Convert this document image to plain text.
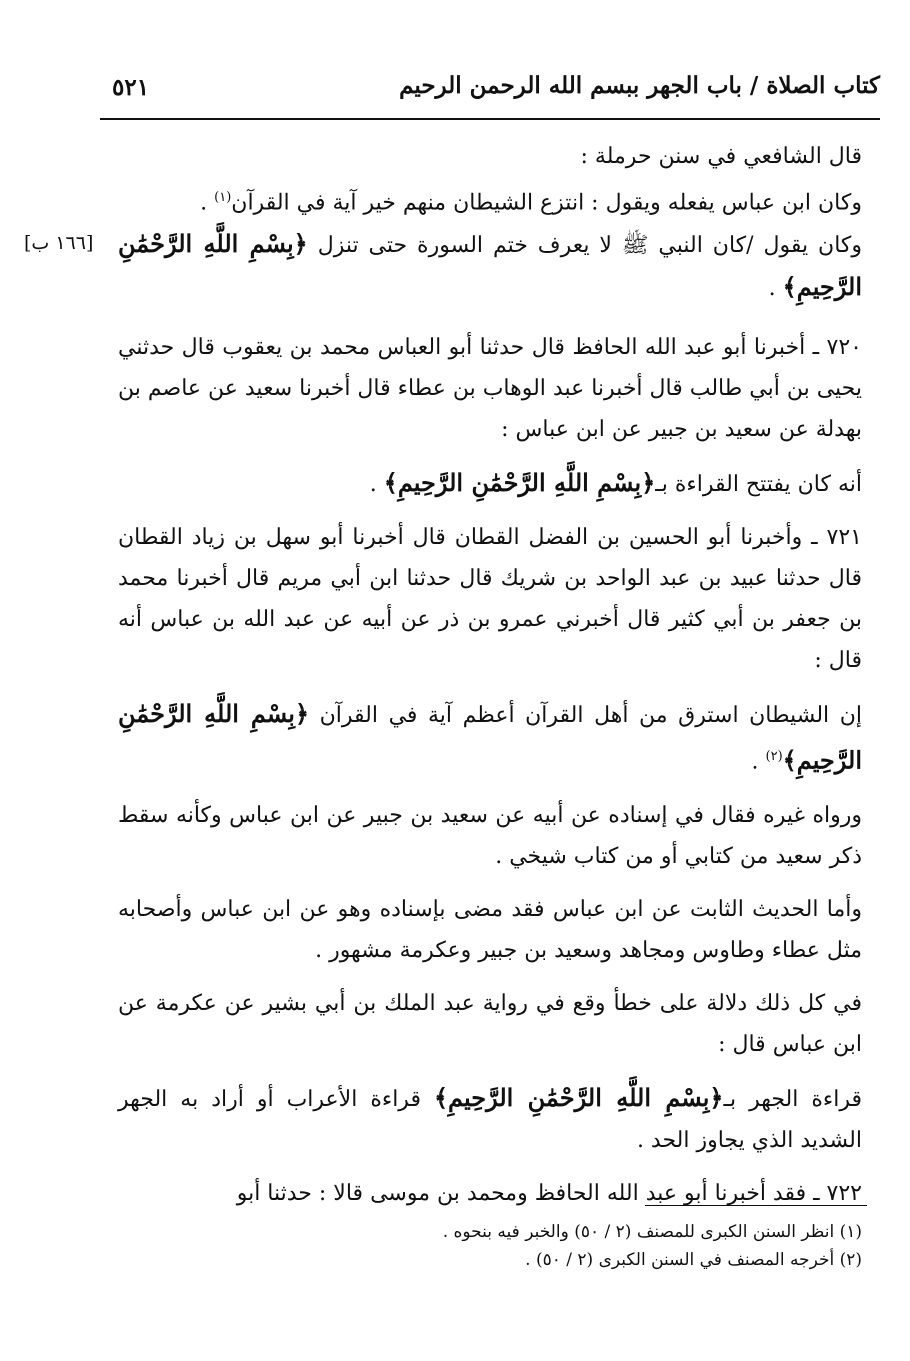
كتاب الصلاة / باب الجهر ببسم الله الرحمن الرحيم
٥٢١

قال الشافعي في سنن حرملة :

وكان ابن عباس يفعله ويقول : انتزع الشيطان منهم خير آية في القرآن$^{(١)}$ .

[١٦٦ ب]	وكان يقول /كان النبي ﷺ لا يعرف ختم السورة حتى تنزل ﴿بِسْمِ اللَّهِ الرَّحْمَٰنِ الرَّحِيمِ﴾ .

٧٢٠ ـ أخبرنا أبو عبد الله الحافظ قال حدثنا أبو العباس محمد بن يعقوب قال حدثني يحيى بن أبي طالب قال أخبرنا عبد الوهاب بن عطاء قال أخبرنا سعيد عن عاصم بن بهدلة عن سعيد بن جبير عن ابن عباس :

أنه كان يفتتح القراءة بـ﴿بِسْمِ اللَّهِ الرَّحْمَٰنِ الرَّحِيمِ﴾ .

٧٢١ ـ وأخبرنا أبو الحسين بن الفضل القطان قال أخبرنا أبو سهل بن زياد القطان قال حدثنا عبيد بن عبد الواحد بن شريك قال حدثنا ابن أبي مريم قال أخبرنا محمد بن جعفر بن أبي كثير قال أخبرني عمرو بن ذر عن أبيه عن عبد الله بن عباس أنه قال :

إن الشيطان استرق من أهل القرآن أعظم آية في القرآن ﴿بِسْمِ اللَّهِ الرَّحْمَٰنِ الرَّحِيمِ﴾$^{(٢)}$ .

ورواه غيره فقال في إسناده عن أبيه عن سعيد بن جبير عن ابن عباس وكأنه سقط ذكر سعيد من كتابي أو من كتاب شيخي .

وأما الحديث الثابت عن ابن عباس فقد مضى بإسناده وهو عن ابن عباس وأصحابه مثل عطاء وطاوس ومجاهد وسعيد بن جبير وعكرمة مشهور .

في كل ذلك دلالة على خطأ وقع في رواية عبد الملك بن أبي بشير عن عكرمة عن ابن عباس قال :

قراءة الجهر بـ﴿بِسْمِ اللَّهِ الرَّحْمَٰنِ الرَّحِيمِ﴾ قراءة الأعراب أو أراد به الجهر الشديد الذي يجاوز الحد .

٧٢٢ ـ فقد أخبرنا أبو عبد الله الحافظ ومحمد بن موسى قالا : حدثنا أبو

(١) انظر السنن الكبرى للمصنف (٢ / ٥٠) والخبر فيه بنحوه .

(٢) أخرجه المصنف في السنن الكبرى (٢ / ٥٠) .
